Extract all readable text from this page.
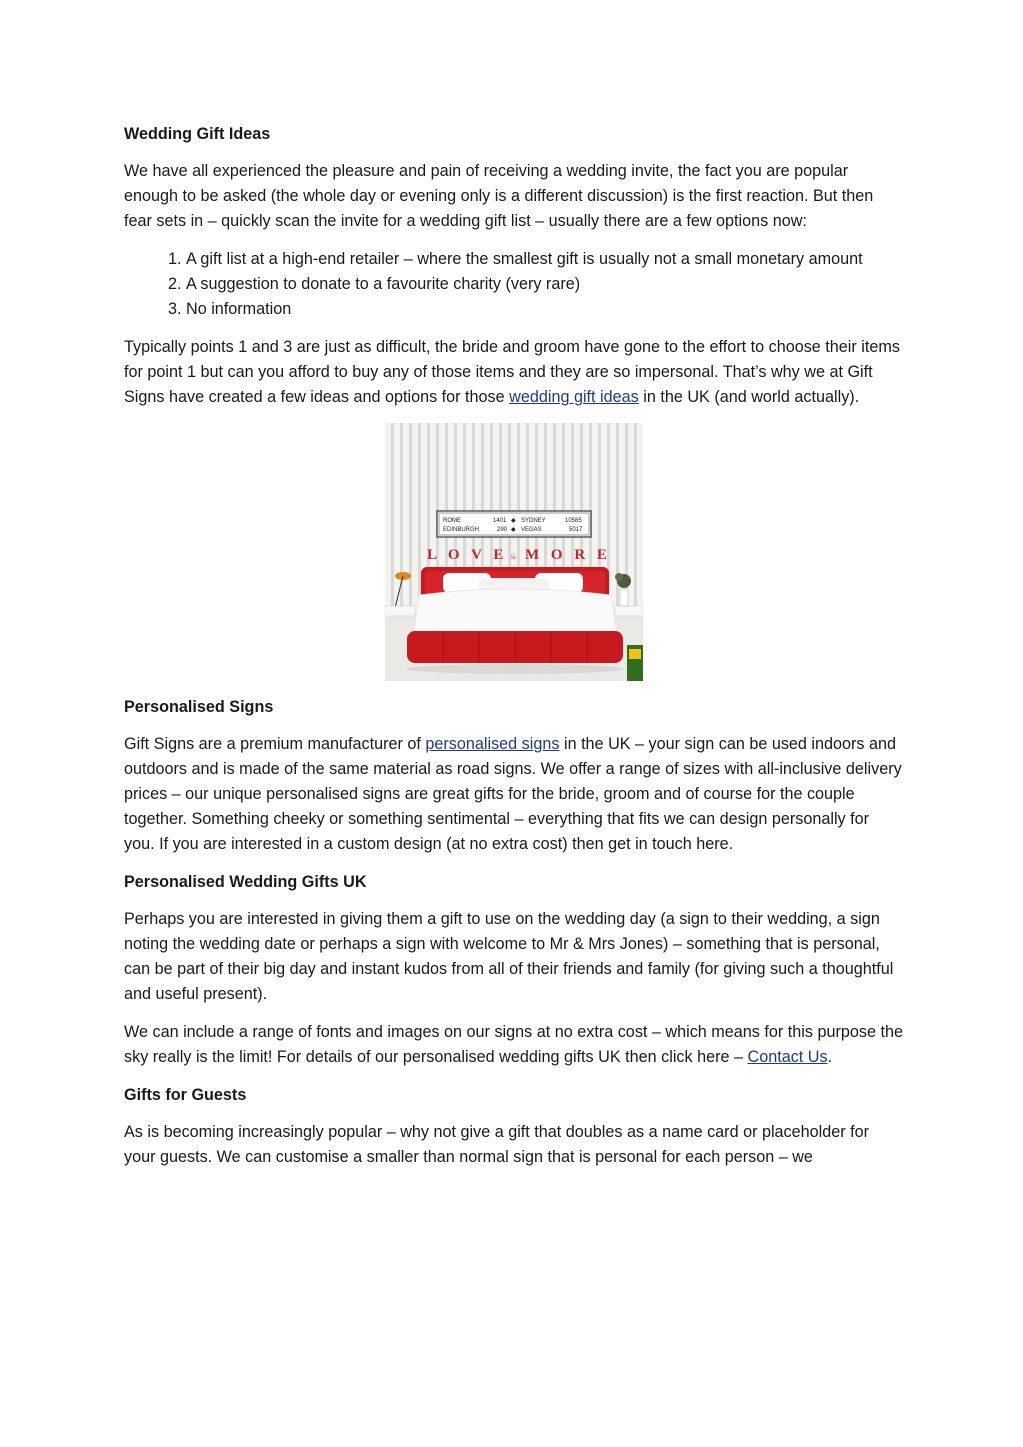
Wedding Gift Ideas

We have all experienced the pleasure and pain of receiving a wedding invite, the fact you are popular enough to be asked (the whole day or evening only is a different discussion) is the first reaction. But then fear sets in – quickly scan the invite for a wedding gift list – usually there are a few options now:

1. A gift list at a high-end retailer – where the smallest gift is usually not a small monetary amount
2. A suggestion to donate to a favourite charity (very rare)
3. No information

Typically points 1 and 3 are just as difficult, the bride and groom have gone to the effort to choose their items for point 1 but can you afford to buy any of those items and they are so impersonal. That’s why we at Gift Signs have created a few ideas and options for those wedding gift ideas in the UK (and world actually).

ROME	1401 ◆ SYDNEY	10585
EDINBURGH	290 ◆ VEGAS	5017
L O V E is M O R E
Personalised Signs

Gift Signs are a premium manufacturer of personalised signs in the UK – your sign can be used indoors and outdoors and is made of the same material as road signs. We offer a range of sizes with all-inclusive delivery prices – our unique personalised signs are great gifts for the bride, groom and of course for the couple together. Something cheeky or something sentimental – everything that fits we can design personally for you. If you are interested in a custom design (at no extra cost) then get in touch here.

Personalised Wedding Gifts UK

Perhaps you are interested in giving them a gift to use on the wedding day (a sign to their wedding, a sign noting the wedding date or perhaps a sign with welcome to Mr & Mrs Jones) – something that is personal, can be part of their big day and instant kudos from all of their friends and family (for giving such a thoughtful and useful present).

We can include a range of fonts and images on our signs at no extra cost – which means for this purpose the sky really is the limit! For details of our personalised wedding gifts UK then click here – Contact Us.

Gifts for Guests

As is becoming increasingly popular – why not give a gift that doubles as a name card or placeholder for your guests. We can customise a smaller than normal sign that is personal for each person – we
